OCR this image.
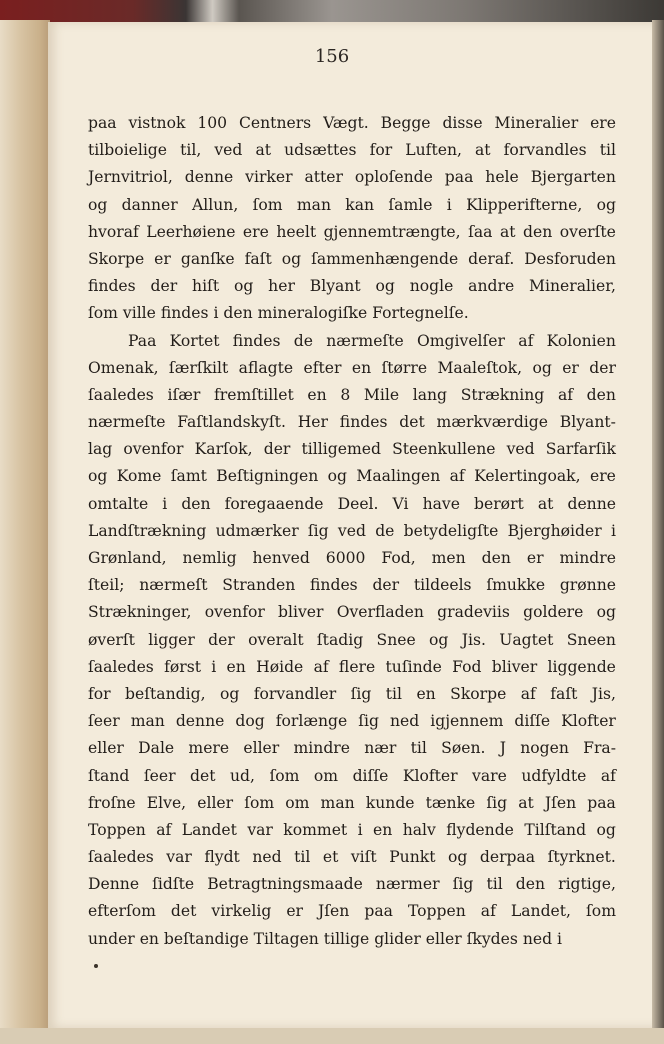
156
paa vistnok 100 Centners Vægt. Begge disse Mineralier ere
tilboielige til, ved at udsættes for Luften, at forvandles til
Jernvitriol, denne virker atter oploſende paa hele Bjergarten
og danner Allun, ſom man kan ſamle i Klipperifterne, og
hvoraf Leerhøiene ere heelt gjennemtrængte, ſaa at den overſte
Skorpe er ganſke faſt og ſammenhængende deraf. Desforuden
findes der hiſt og her Blyant og nogle andre Mineralier,
ſom ville findes i den mineralogiſke Fortegnelſe.
Paa Kortet findes de nærmeſte Omgivelſer af Kolonien
Omenak, ſærſkilt aflagte efter en ſtørre Maaleſtok, og er der
ſaaledes iſær fremſtillet en 8 Mile lang Strækning af den
nærmeſte Faſtlandskyſt. Her findes det mærkværdige Blyant-
lag ovenfor Karſok, der tilligemed Steenkullene ved Sarfarſik
og Kome ſamt Beſtigningen og Maalingen af Kelertingoak, ere
omtalte i den foregaaende Deel. Vi have berørt at denne
Landſtrækning udmærker ſig ved de betydeligſte Bjerghøider i
Grønland, nemlig henved 6000 Fod, men den er mindre
ſteil; nærmeſt Stranden findes der tildeels ſmukke grønne
Strækninger, ovenfor bliver Overfladen gradeviis goldere og
øverſt ligger der overalt ſtadig Snee og Jis. Uagtet Sneen
ſaaledes først i en Høide af flere tuſinde Fod bliver liggende
for beſtandig, og forvandler ſig til en Skorpe af faſt Jis,
ſeer man denne dog forlænge ſig ned igjennem diſſe Klofter
eller Dale mere eller mindre nær til Søen. J nogen Fra-
ſtand ſeer det ud, ſom om diſſe Klofter vare udfyldte af
froſne Elve, eller ſom om man kunde tænke ſig at Jſen paa
Toppen af Landet var kommet i en halv flydende Tilſtand og
ſaaledes var flydt ned til et viſt Punkt og derpaa ſtyrknet.
Denne ſidſte Betragtningsmaade nærmer ſig til den rigtige,
efterſom det virkelig er Jſen paa Toppen af Landet, ſom
under en beſtandige Tiltagen tillige glider eller ſkydes ned i
